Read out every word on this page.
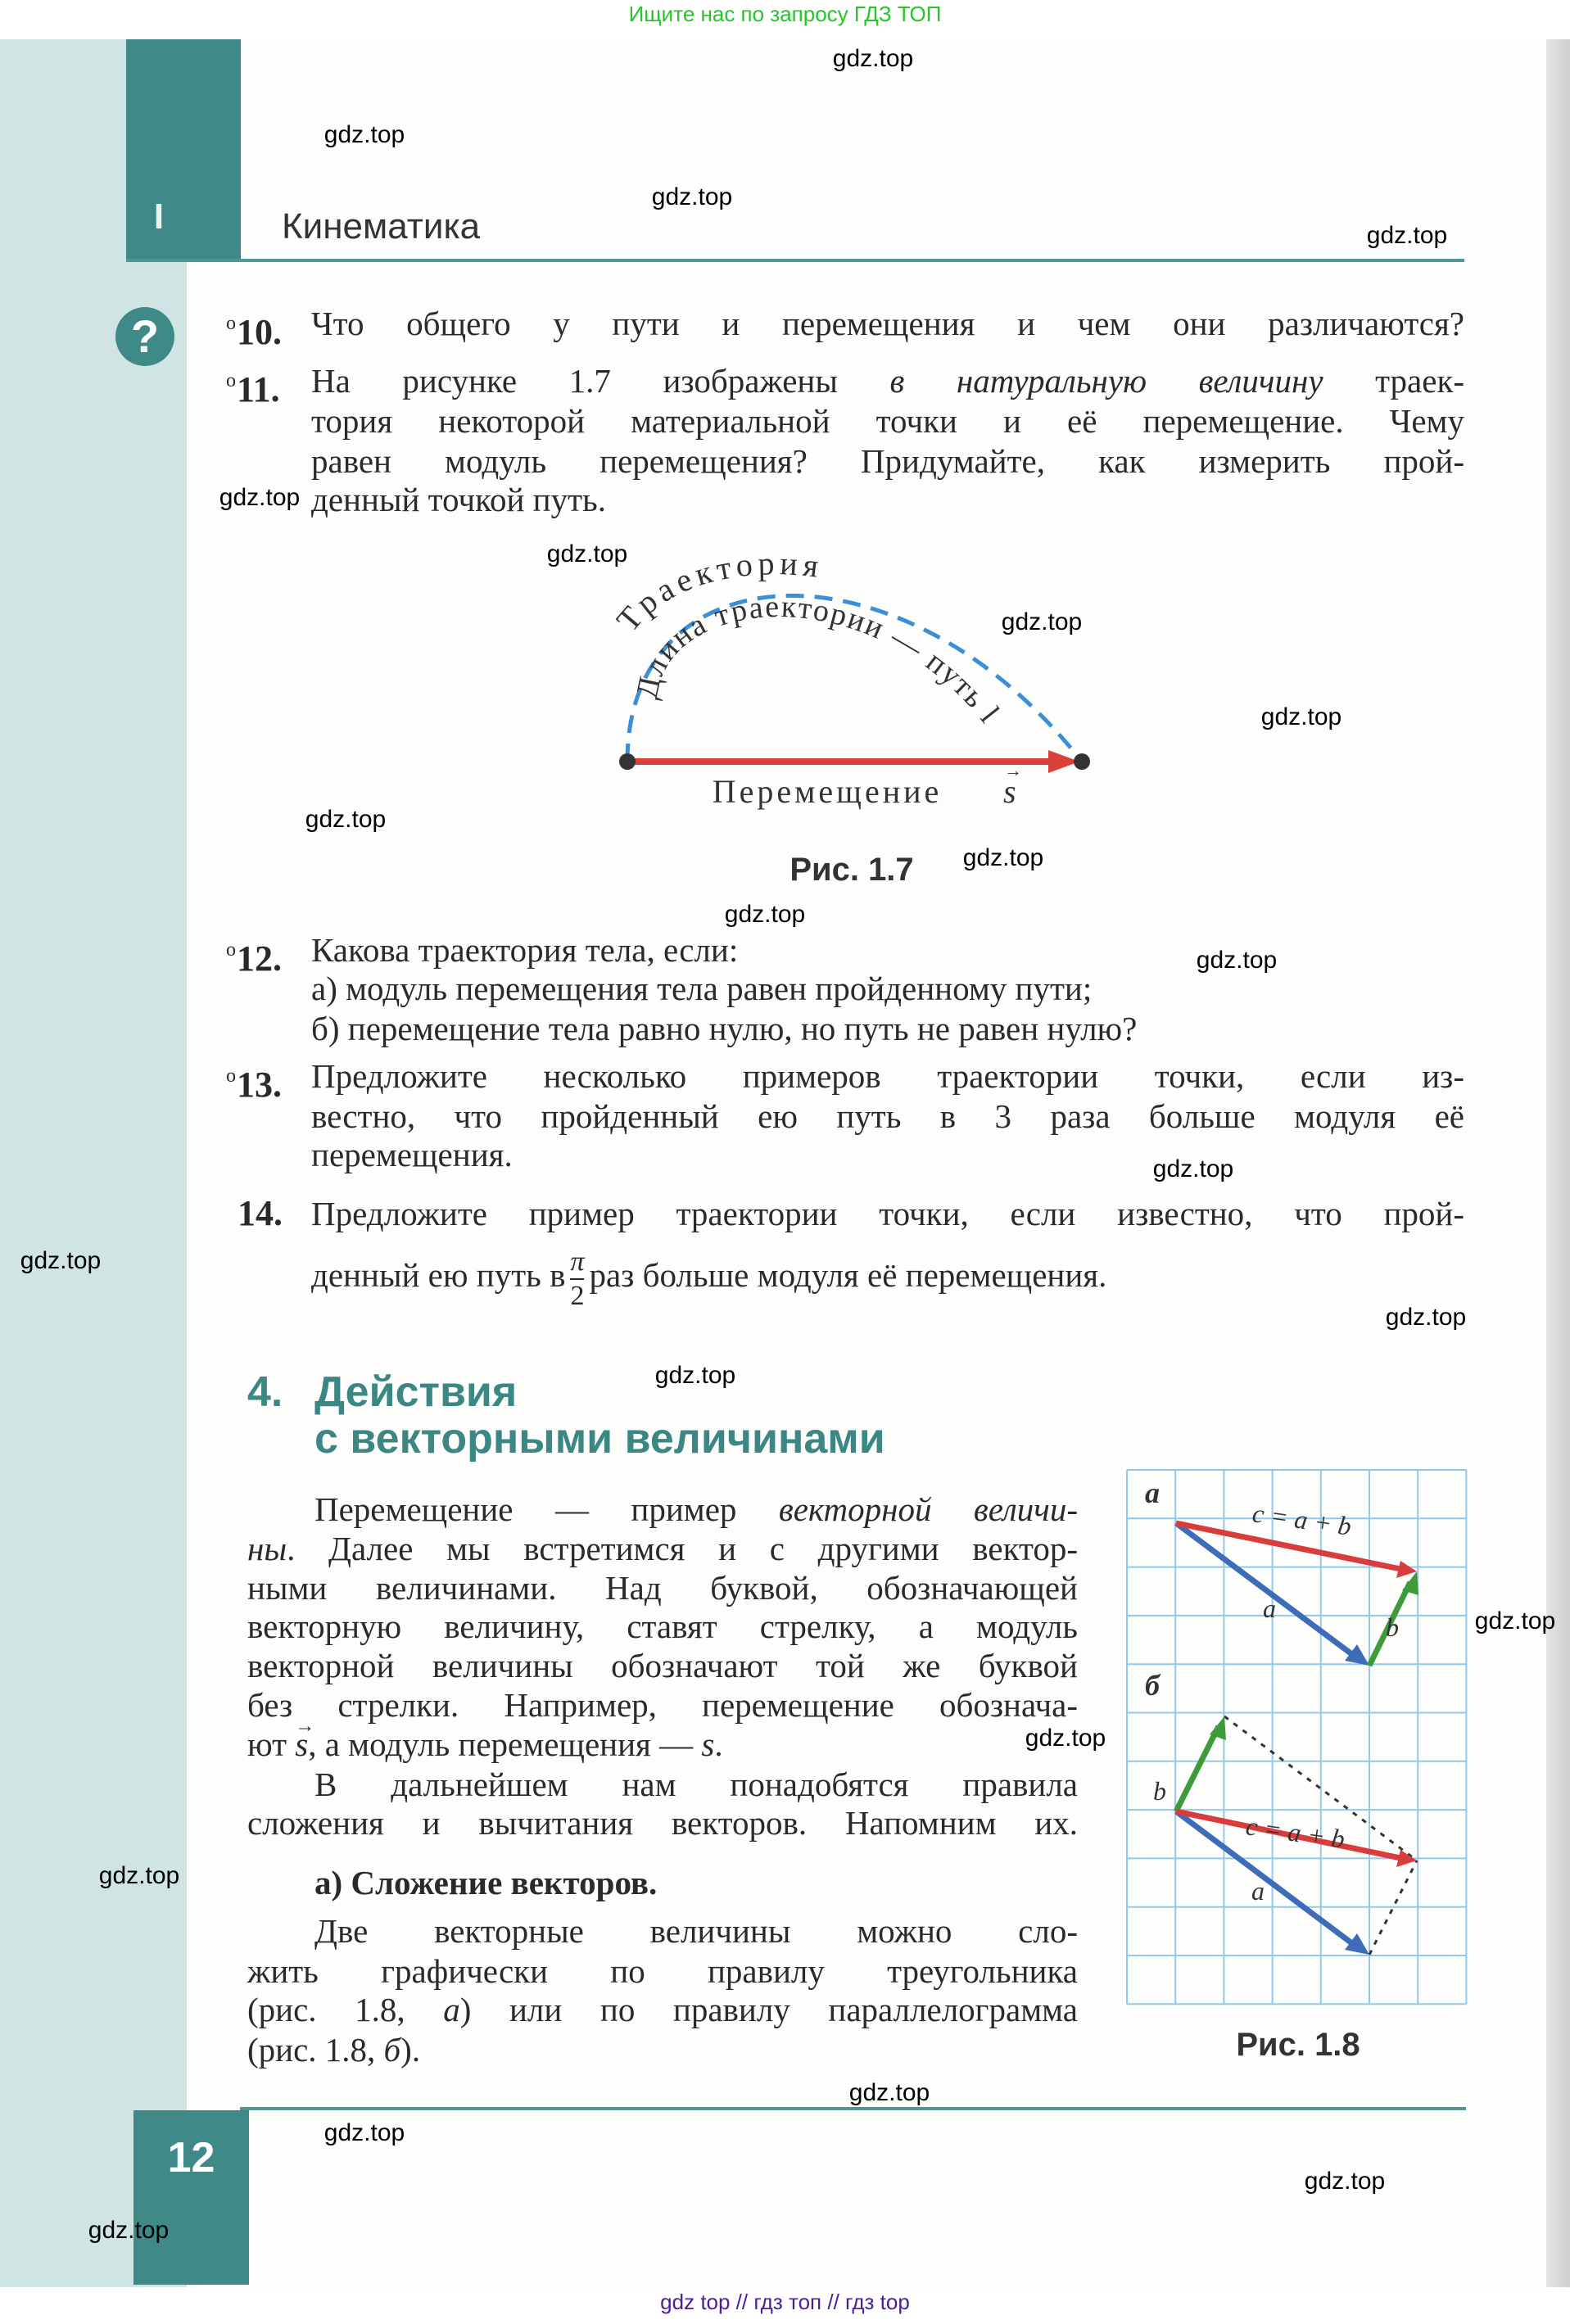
Ищите нас по запросу ГДЗ ТОП
I	Кинематика
?	$^o$10. Что общего у пути и перемещения и чем они различаются?
$^o$11. На рисунке 1.7 изображены в натуральную величину траек-
тория некоторой материальной точки и её перемещение. Чему
равен модуль перемещения? Придумайте, как измерить прой-
денный точкой путь.
Траектория
Длина траектории — путь l
Перемещение s
→
Рис. 1.7
$^o$12. Какова траектория тела, если:
а) модуль перемещения тела равен пройденному пути;
б) перемещение тела равно нулю, но путь не равен нулю?
$^o$13. Предложите несколько примеров траектории точки, если из-
вестно, что пройденный ею путь в 3 раза больше модуля её
перемещения.
14. Предложите пример траектории точки, если известно, что прой-
денный ею путь в $\frac{\pi}{2}$ раз больше модуля её перемещения.
4. Действия
с векторными величинами
Перемещение — пример векторной величи-
ны. Далее мы встретимся и с другими вектор-
ными величинами. Над буквой, обозначающей
векторную величину, ставят стрелку, а модуль
векторной величины обозначают той же буквой
без стрелки. Например, перемещение обознача-
ют → s, а модуль перемещения — s.
В дальнейшем нам понадобятся правила
сложения и вычитания векторов. Напомним их.
а) Сложение векторов.
Две векторные величины можно сло-
жить графически по правилу треугольника
(рис. 1.8, а) или по правилу параллелограмма
(рис. 1.8, б).
а
c = a + b
a
b
б
b
c = a + b
a
Рис. 1.8
12
gdz top // гдз топ // гдз top
gdz.top
gdz.top
gdz.top
gdz.top
gdz.top
gdz.top
gdz.top
gdz.top
gdz.top
gdz.top
gdz.top
gdz.top
gdz.top
gdz.top
gdz.top
gdz.top
gdz.top
gdz.top
gdz.top
gdz.top
gdz.top
gdz.top
gdz.top
